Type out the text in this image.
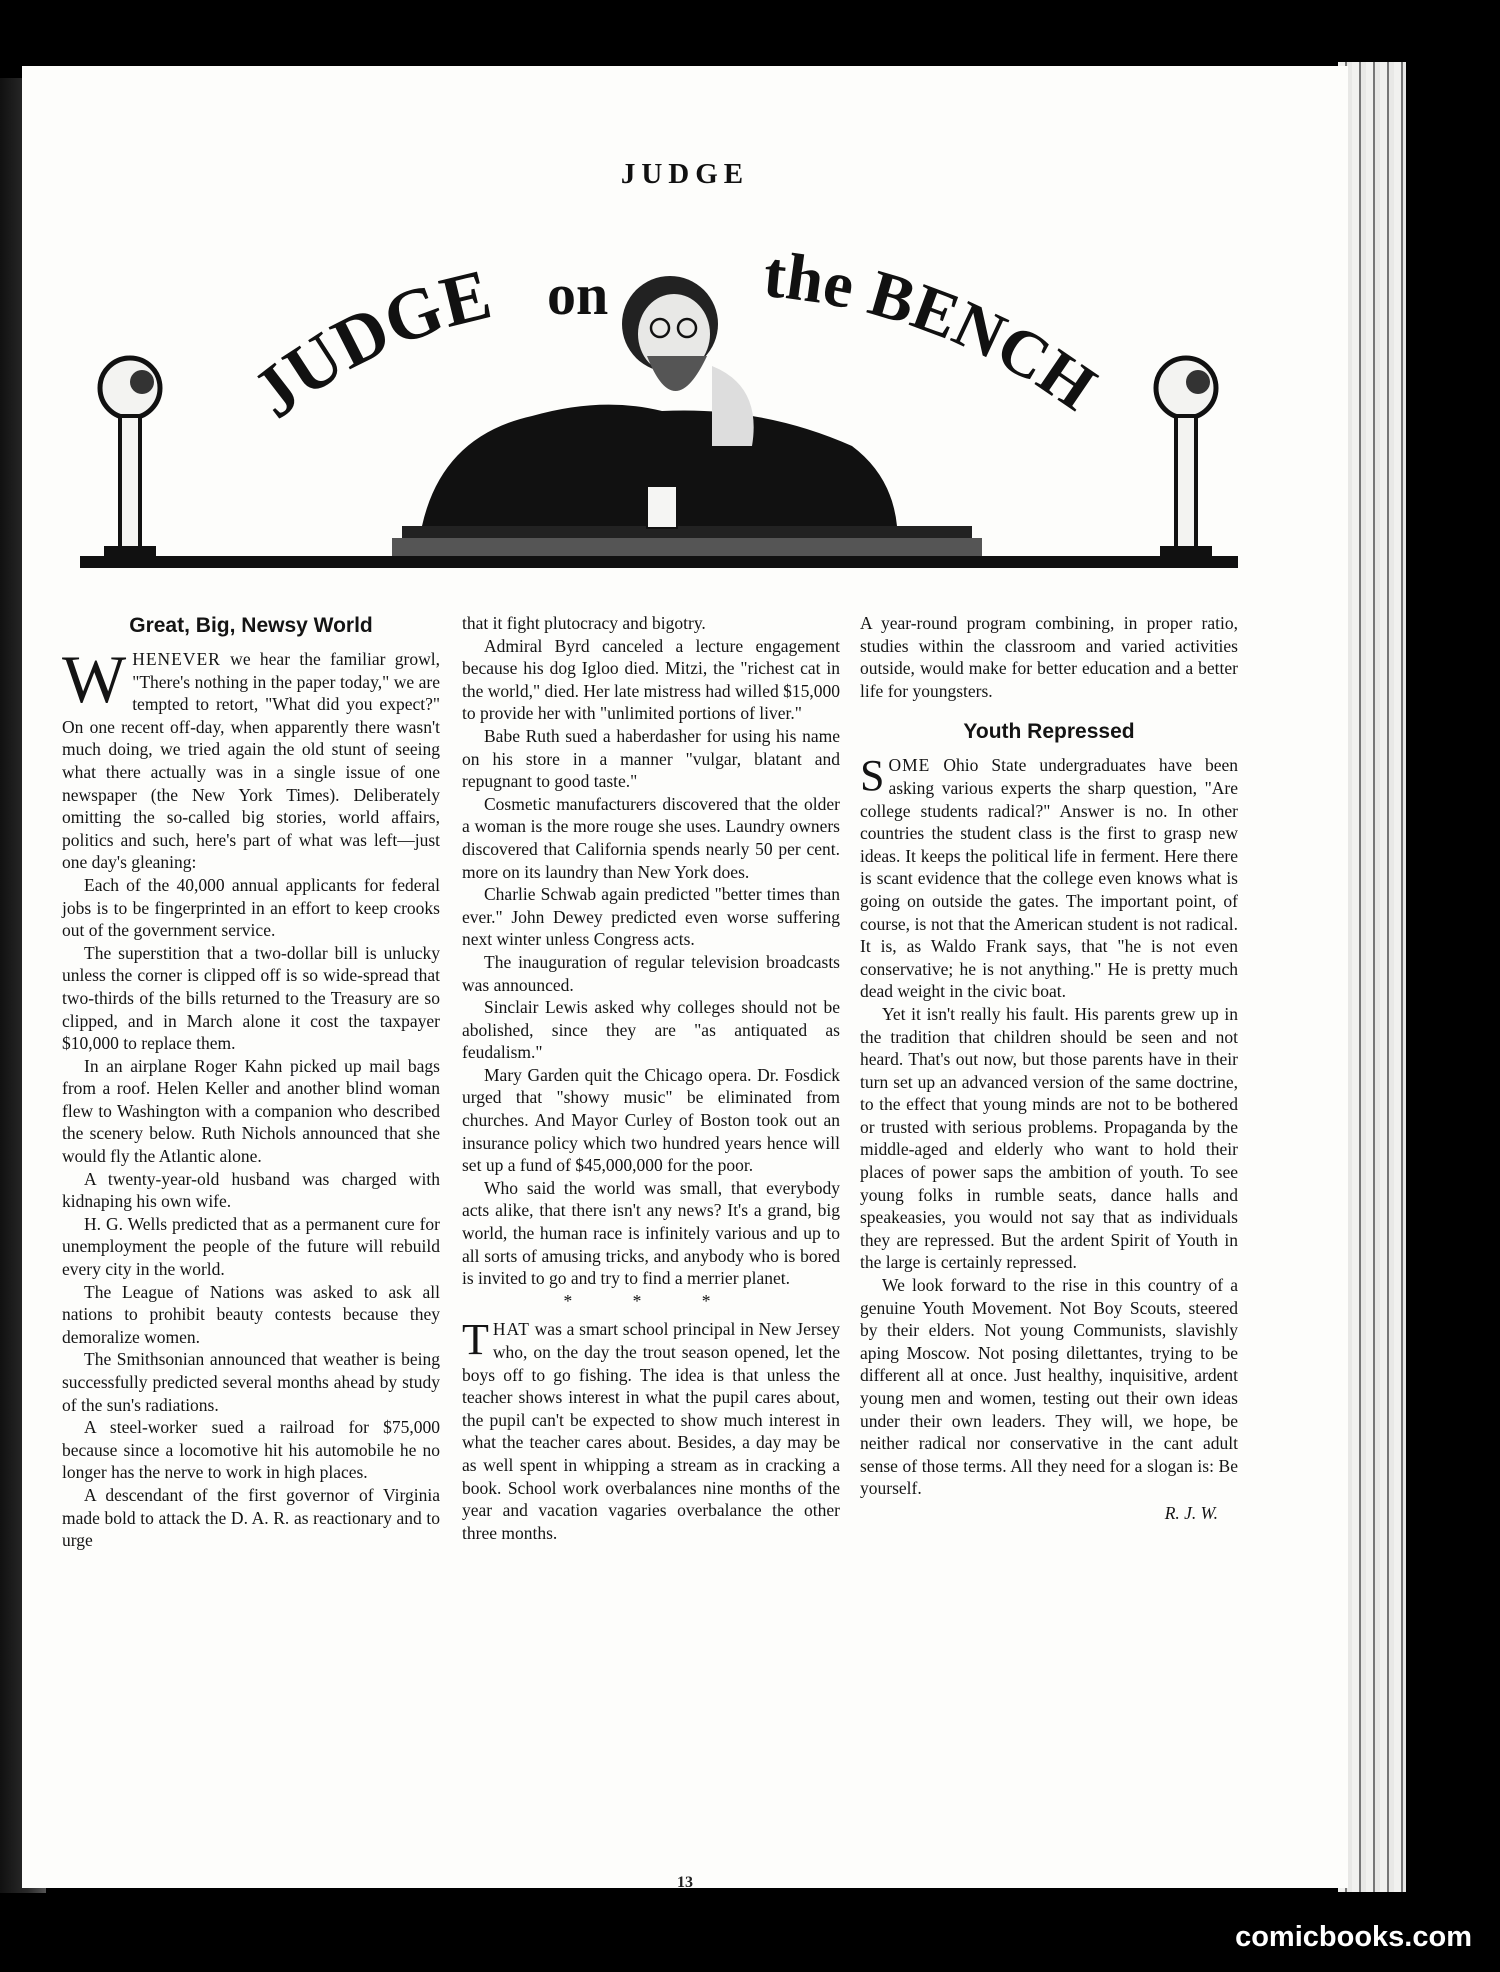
JUDGE
JUDGE on the BENCH
Great, Big, Newsy World

WHENEVER we hear the familiar growl, "There's nothing in the paper today," we are tempted to retort, "What did you expect?" On one recent off-day, when apparently there wasn't much doing, we tried again the old stunt of seeing what there actually was in a single issue of one newspaper (the New York Times). Deliberately omitting the so-called big stories, world affairs, politics and such, here's part of what was left—just one day's gleaning:

Each of the 40,000 annual applicants for federal jobs is to be fingerprinted in an effort to keep crooks out of the government service.

The superstition that a two-dollar bill is unlucky unless the corner is clipped off is so wide-spread that two-thirds of the bills returned to the Treasury are so clipped, and in March alone it cost the taxpayer $10,000 to replace them.

In an airplane Roger Kahn picked up mail bags from a roof. Helen Keller and another blind woman flew to Washington with a companion who described the scenery below. Ruth Nichols announced that she would fly the Atlantic alone.

A twenty-year-old husband was charged with kidnaping his own wife.

H. G. Wells predicted that as a permanent cure for unemployment the people of the future will rebuild every city in the world.

The League of Nations was asked to ask all nations to prohibit beauty contests because they demoralize women.

The Smithsonian announced that weather is being successfully predicted several months ahead by study of the sun's radiations.

A steel-worker sued a railroad for $75,000 because since a locomotive hit his automobile he no longer has the nerve to work in high places.

A descendant of the first governor of Virginia made bold to attack the D. A. R. as reactionary and to urge

that it fight plutocracy and bigotry.

Admiral Byrd canceled a lecture engagement because his dog Igloo died. Mitzi, the "richest cat in the world," died. Her late mistress had willed $15,000 to provide her with "unlimited portions of liver."

Babe Ruth sued a haberdasher for using his name on his store in a manner "vulgar, blatant and repugnant to good taste."

Cosmetic manufacturers discovered that the older a woman is the more rouge she uses. Laundry owners discovered that California spends nearly 50 per cent. more on its laundry than New York does.

Charlie Schwab again predicted "better times than ever." John Dewey predicted even worse suffering next winter unless Congress acts.

The inauguration of regular television broadcasts was announced.

Sinclair Lewis asked why colleges should not be abolished, since they are "as antiquated as feudalism."

Mary Garden quit the Chicago opera. Dr. Fosdick urged that "showy music" be eliminated from churches. And Mayor Curley of Boston took out an insurance policy which two hundred years hence will set up a fund of $45,000,000 for the poor.

Who said the world was small, that everybody acts alike, that there isn't any news? It's a grand, big world, the human race is infinitely various and up to all sorts of amusing tricks, and anybody who is bored is invited to go and try to find a merrier planet.

* * *

THAT was a smart school principal in New Jersey who, on the day the trout season opened, let the boys off to go fishing. The idea is that unless the teacher shows interest in what the pupil cares about, the pupil can't be expected to show much interest in what the teacher cares about. Besides, a day may be as well spent in whipping a stream as in cracking a book. School work overbalances nine months of the year and vacation vagaries overbalance the other three months.

A year-round program combining, in proper ratio, studies within the classroom and varied activities outside, would make for better education and a better life for youngsters.

Youth Repressed

SOME Ohio State undergraduates have been asking various experts the sharp question, "Are college students radical?" Answer is no. In other countries the student class is the first to grasp new ideas. It keeps the political life in ferment. Here there is scant evidence that the college even knows what is going on outside the gates. The important point, of course, is not that the American student is not radical. It is, as Waldo Frank says, that "he is not even conservative; he is not anything." He is pretty much dead weight in the civic boat.

Yet it isn't really his fault. His parents grew up in the tradition that children should be seen and not heard. That's out now, but those parents have in their turn set up an advanced version of the same doctrine, to the effect that young minds are not to be bothered or trusted with serious problems. Propaganda by the middle-aged and elderly who want to hold their places of power saps the ambition of youth. To see young folks in rumble seats, dance halls and speakeasies, you would not say that as individuals they are repressed. But the ardent Spirit of Youth in the large is certainly repressed.

We look forward to the rise in this country of a genuine Youth Movement. Not Boy Scouts, steered by their elders. Not young Communists, slavishly aping Moscow. Not posing dilettantes, trying to be different all at once. Just healthy, inquisitive, ardent young men and women, testing out their own ideas under their own leaders. They will, we hope, be neither radical nor conservative in the cant adult sense of those terms. All they need for a slogan is: Be yourself.

R. J. W.

13

comicbooks.com
